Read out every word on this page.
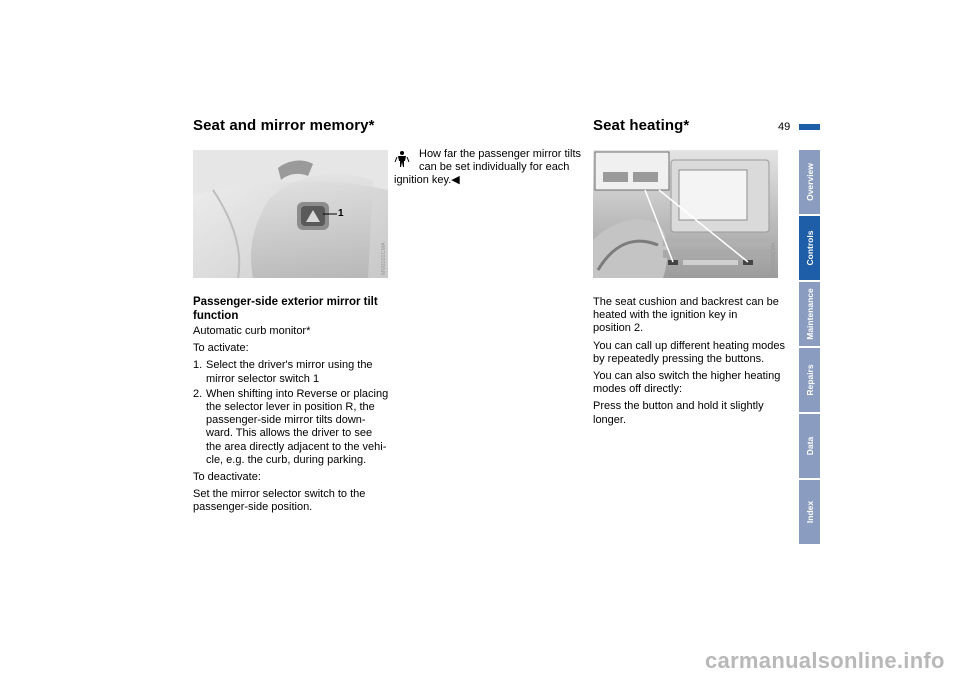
Seat and mirror memory*
1
MV0101CMA
Passenger-side exterior mirror tilt
function

Automatic curb monitor*

To activate:

1. Select the driver's mirror using the
mirror selector switch 1
2. When shifting into Reverse or placing
the selector lever in position R, the
passenger-side mirror tilts down-
ward. This allows the driver to see
the area directly adjacent to the vehi-
cle, e.g. the curb, during parking.

To deactivate:

Set the mirror selector switch to the
passenger-side position.
How far the passenger mirror tilts
can be set individually for each
ignition key.◀
Seat heating*	49
MV0029CMA

The seat cushion and backrest can be
heated with the ignition key in
position 2.

You can call up different heating modes
by repeatedly pressing the buttons.

You can also switch the higher heating
modes off directly:

Press the button and hold it slightly
longer.

Overview
Controls
Maintenance
Repairs
Data
Index
carmanualsonline.info
